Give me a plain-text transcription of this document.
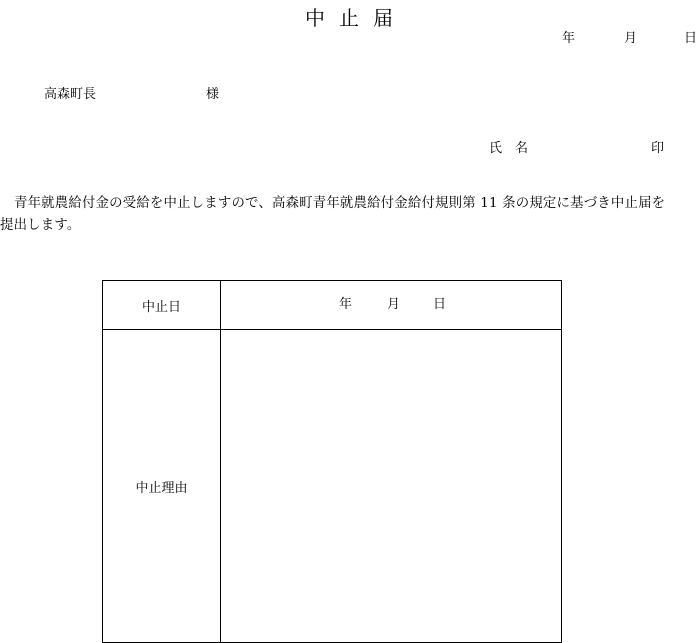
中止届
年	月	日
高森町長	様
氏　名	印
青年就農給付金の受給を中止しますので、高森町青年就農給付金給付規則第 11 条の規定に基づき中止届を
提出します。
中止日	年 月 日

中止理由	
